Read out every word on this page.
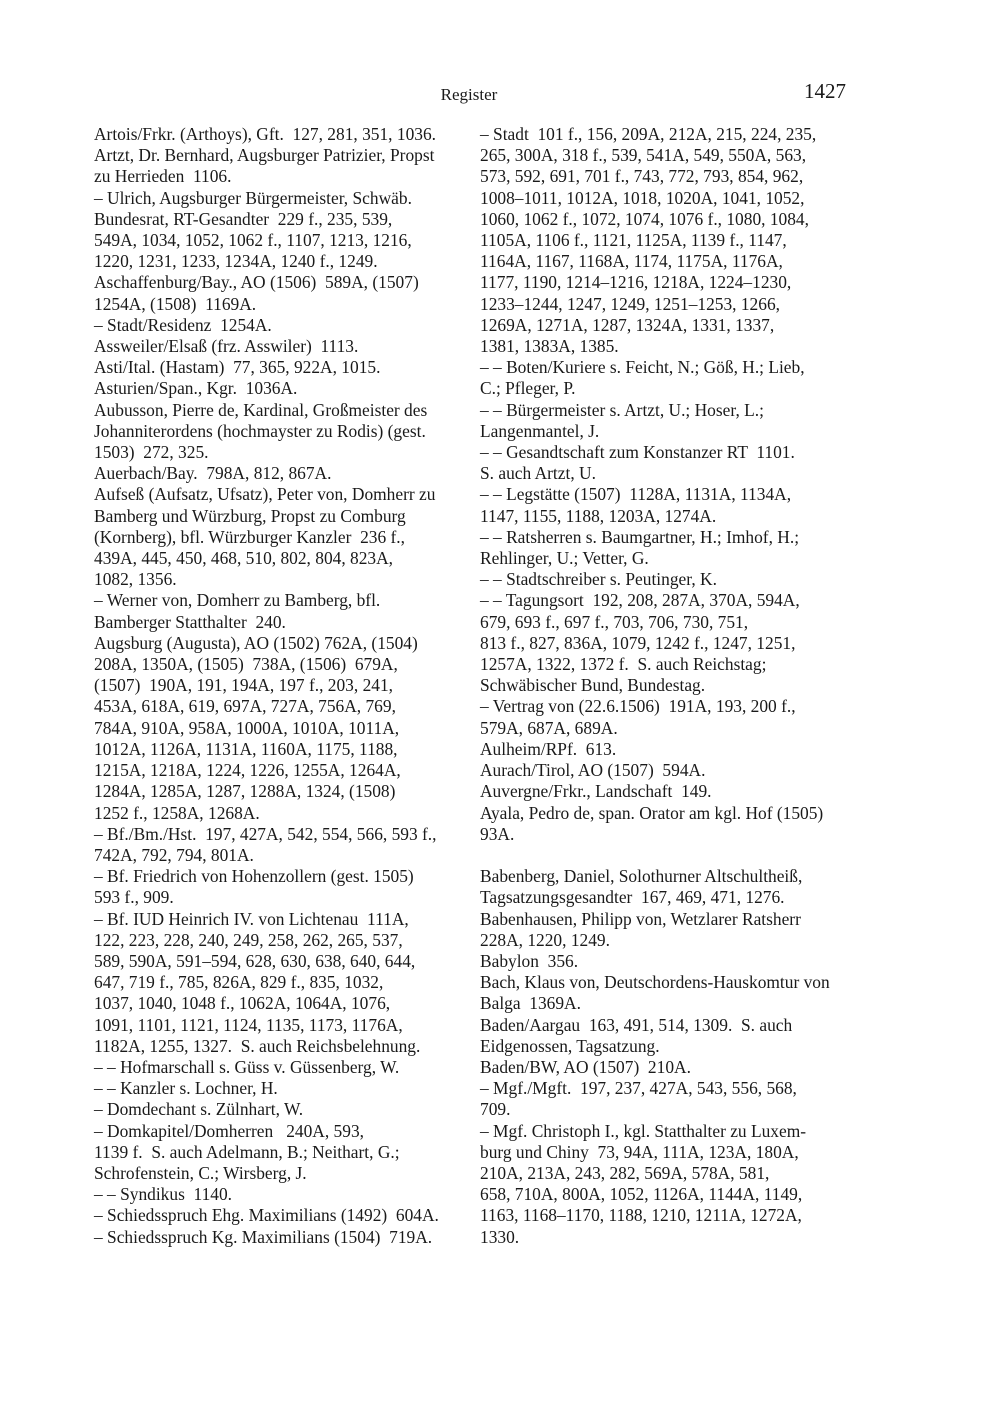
Register	1427
Artois/Frkr. (Arthoys), Gft.  127, 281, 351, 1036.
Artzt, Dr. Bernhard, Augsburger Patrizier, Propst
zu Herrieden  1106.
– Ulrich, Augsburger Bürgermeister, Schwäb.
Bundesrat, RT-Gesandter  229 f., 235, 539,
549A, 1034, 1052, 1062 f., 1107, 1213, 1216,
1220, 1231, 1233, 1234A, 1240 f., 1249.
Aschaffenburg/Bay., AO (1506)  589A, (1507)
1254A, (1508)  1169A.
– Stadt/Residenz  1254A.
Assweiler/Elsaß (frz. Asswiler)  1113.
Asti/Ital. (Hastam)  77, 365, 922A, 1015.
Asturien/Span., Kgr.  1036A.
Aubusson, Pierre de, Kardinal, Großmeister des
Johanniterordens (hochmayster zu Rodis) (gest.
1503)  272, 325.
Auerbach/Bay.  798A, 812, 867A.
Aufseß (Aufsatz, Ufsatz), Peter von, Domherr zu
Bamberg und Würzburg, Propst zu Comburg
(Kornberg), bfl. Würzburger Kanzler  236 f.,
439A, 445, 450, 468, 510, 802, 804, 823A,
1082, 1356.
– Werner von, Domherr zu Bamberg, bfl.
Bamberger Statthalter  240.
Augsburg (Augusta), AO (1502) 762A, (1504)
208A, 1350A, (1505)  738A, (1506)  679A,
(1507)  190A, 191, 194A, 197 f., 203, 241,
453A, 618A, 619, 697A, 727A, 756A, 769,
784A, 910A, 958A, 1000A, 1010A, 1011A,
1012A, 1126A, 1131A, 1160A, 1175, 1188,
1215A, 1218A, 1224, 1226, 1255A, 1264A,
1284A, 1285A, 1287, 1288A, 1324, (1508)
1252 f., 1258A, 1268A.
– Bf./Bm./Hst.  197, 427A, 542, 554, 566, 593 f.,
742A, 792, 794, 801A.
– Bf. Friedrich von Hohenzollern (gest. 1505)
593 f., 909.
– Bf. IUD Heinrich IV. von Lichtenau  111A,
122, 223, 228, 240, 249, 258, 262, 265, 537,
589, 590A, 591–594, 628, 630, 638, 640, 644,
647, 719 f., 785, 826A, 829 f., 835, 1032,
1037, 1040, 1048 f., 1062A, 1064A, 1076,
1091, 1101, 1121, 1124, 1135, 1173, 1176A,
1182A, 1255, 1327.  S. auch Reichsbelehnung.
– – Hofmarschall s. Güss v. Güssenberg, W.
– – Kanzler s. Lochner, H.
– Domdechant s. Zülnhart, W.
– Domkapitel/Domherren   240A, 593,
1139 f.  S. auch Adelmann, B.; Neithart, G.;
Schrofenstein, C.; Wirsberg, J.
– – Syndikus  1140.
– Schiedsspruch Ehg. Maximilians (1492)  604A.
– Schiedsspruch Kg. Maximilians (1504)  719A.
– Stadt  101 f., 156, 209A, 212A, 215, 224, 235,
265, 300A, 318 f., 539, 541A, 549, 550A, 563,
573, 592, 691, 701 f., 743, 772, 793, 854, 962,
1008–1011, 1012A, 1018, 1020A, 1041, 1052,
1060, 1062 f., 1072, 1074, 1076 f., 1080, 1084,
1105A, 1106 f., 1121, 1125A, 1139 f., 1147,
1164A, 1167, 1168A, 1174, 1175A, 1176A,
1177, 1190, 1214–1216, 1218A, 1224–1230,
1233–1244, 1247, 1249, 1251–1253, 1266,
1269A, 1271A, 1287, 1324A, 1331, 1337,
1381, 1383A, 1385.
– – Boten/Kuriere s. Feicht, N.; Göß, H.; Lieb,
C.; Pfleger, P.
– – Bürgermeister s. Artzt, U.; Hoser, L.;
Langenmantel, J.
– – Gesandtschaft zum Konstanzer RT  1101.
S. auch Artzt, U.
– – Legstätte (1507)  1128A, 1131A, 1134A,
1147, 1155, 1188, 1203A, 1274A.
– – Ratsherren s. Baumgartner, H.; Imhof, H.;
Rehlinger, U.; Vetter, G.
– – Stadtschreiber s. Peutinger, K.
– – Tagungsort  192, 208, 287A, 370A, 594A,
679, 693 f., 697 f., 703, 706, 730, 751,
813 f., 827, 836A, 1079, 1242 f., 1247, 1251,
1257A, 1322, 1372 f.  S. auch Reichstag;
Schwäbischer Bund, Bundestag.
– Vertrag von (22.6.1506)  191A, 193, 200 f.,
579A, 687A, 689A.
Aulheim/RPf.  613.
Aurach/Tirol, AO (1507)  594A.
Auvergne/Frkr., Landschaft  149.
Ayala, Pedro de, span. Orator am kgl. Hof (1505)
93A.
Babenberg, Daniel, Solothurner Altschultheiß,
Tagsatzungsgesandter  167, 469, 471, 1276.
Babenhausen, Philipp von, Wetzlarer Ratsherr
228A, 1220, 1249.
Babylon  356.
Bach, Klaus von, Deutschordens-Hauskomtur von
Balga  1369A.
Baden/Aargau  163, 491, 514, 1309.  S. auch
Eidgenossen, Tagsatzung.
Baden/BW, AO (1507)  210A.
– Mgf./Mgft.  197, 237, 427A, 543, 556, 568,
709.
– Mgf. Christoph I., kgl. Statthalter zu Luxem-
burg und Chiny  73, 94A, 111A, 123A, 180A,
210A, 213A, 243, 282, 569A, 578A, 581,
658, 710A, 800A, 1052, 1126A, 1144A, 1149,
1163, 1168–1170, 1188, 1210, 1211A, 1272A,
1330.
